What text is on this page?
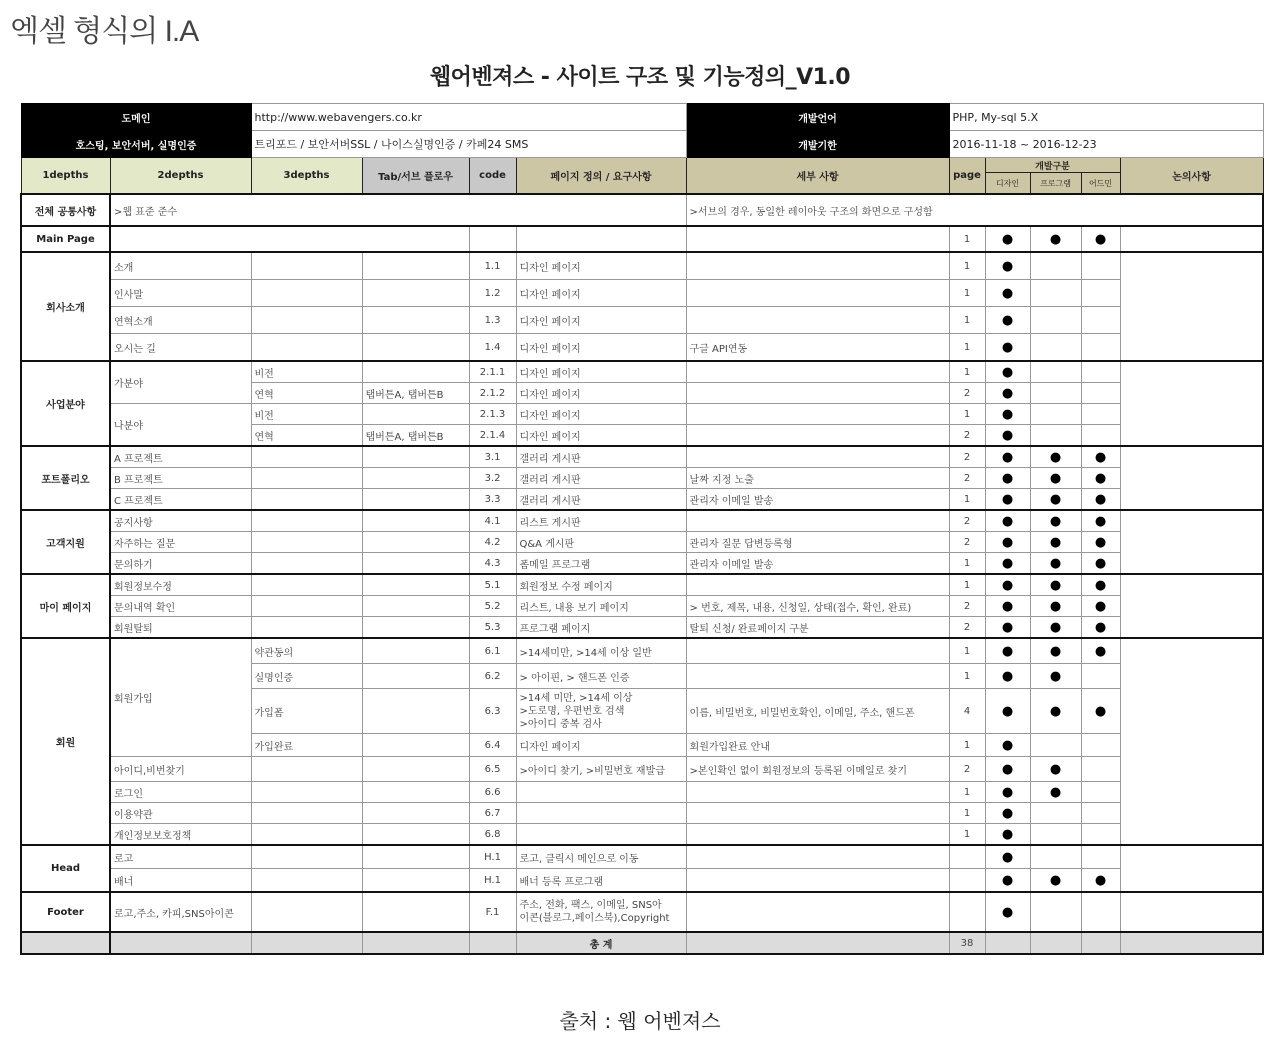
엑셀 형식의 I.A
웹어벤져스 - 사이트 구조 및 기능정의_V1.0
도메인		http://www.webavengers.co.kr				개발언어	PHP, My-sql 5.X				
호스팅, 보안서버, 실명인증		트리포드 / 보안서버SSL / 나이스실명인증 / 카페24 SMS				개발기한	2016-11-18 ~ 2016-12-23				
1depths	2depths	3depths	Tab/서브 플로우	code	페이지 정의 / 요구사항	세부 사항	page	개발구분			논의사항
								디자인	프로그램	어드민	
전체 공통사항	>웹 표준 준수					>서브의 경우, 동일한 레이아웃 구조의 화면으로 구성함					
Main Page							1	●	●	●	
회사소개	소개			1.1	디자인 페이지		1	●			
	인사말			1.2	디자인 페이지		1	●			
	연혁소개			1.3	디자인 페이지		1	●			
	오시는 길			1.4	디자인 페이지	구글 API연동	1	●			
사업분야	가분야	비전		2.1.1	디자인 페이지		1	●			
		연혁	탭버튼A, 탭버튼B	2.1.2	디자인 페이지		2	●			
	나분야	비전		2.1.3	디자인 페이지		1	●			
		연혁	탭버튼A, 탭버튼B	2.1.4	디자인 페이지		2	●			
포트폴리오	A 프로젝트			3.1	갤러리 게시판		2	●	●	●	
	B 프로젝트			3.2	갤러리 게시판	날짜 지정 노출	2	●	●	●	
	C 프로젝트			3.3	갤러리 게시판	관리자 이메일 발송	1	●	●	●	
고객지원	공지사항			4.1	리스트 게시판		2	●	●	●	
	자주하는 질문			4.2	Q&A 게시판	관리자 질문 답변등록형	2	●	●	●	
	문의하기			4.3	폼메일 프로그램	관리자 이메일 발송	1	●	●	●	
마이 페이지	회원정보수정			5.1	회원정보 수정 페이지		1	●	●	●	
	문의내역 확인			5.2	리스트, 내용 보기 페이지	> 번호, 제목, 내용, 신청일, 상태(접수, 확인, 완료)	2	●	●	●	
	회원탈퇴			5.3	프로그램 페이지	탈퇴 신청/ 완료페이지 구분	2	●	●	●	
회원	회원가입	약관동의		6.1	>14세미만, >14세 이상 일반		1	●	●	●	
		실명인증		6.2	> 아이핀, > 핸드폰 인증		1	●	●		
		가입폼		6.3	>14세 미만, >14세 이상
>도로명, 우편번호 검색
>아이디 중복 검사	이름, 비밀번호, 비밀번호확인, 이메일, 주소, 핸드폰	4	●	●	●	
		가입완료		6.4	디자인 페이지	회원가입완료 안내	1	●			
	아이디,비번찾기			6.5	>아이디 찾기, >비밀번호 재발급	>본인확인 없이 회원정보의 등록된 이메일로 찾기	2	●	●		
	로그인			6.6			1	●	●		
	이용약관			6.7			1	●			
	개인정보보호정책			6.8			1	●			
Head	로고			H.1	로고, 클릭시 메인으로 이동			●			
	배너			H.1	배너 등록 프로그램			●	●	●	
Footer	로고,주소, 카피,SNS아이콘			F.1	주소, 전화, 팩스, 이메일, SNS아
이콘(블로그,페이스북),Copyright			●			
					총 계		38				
출처 : 웹 어벤져스
